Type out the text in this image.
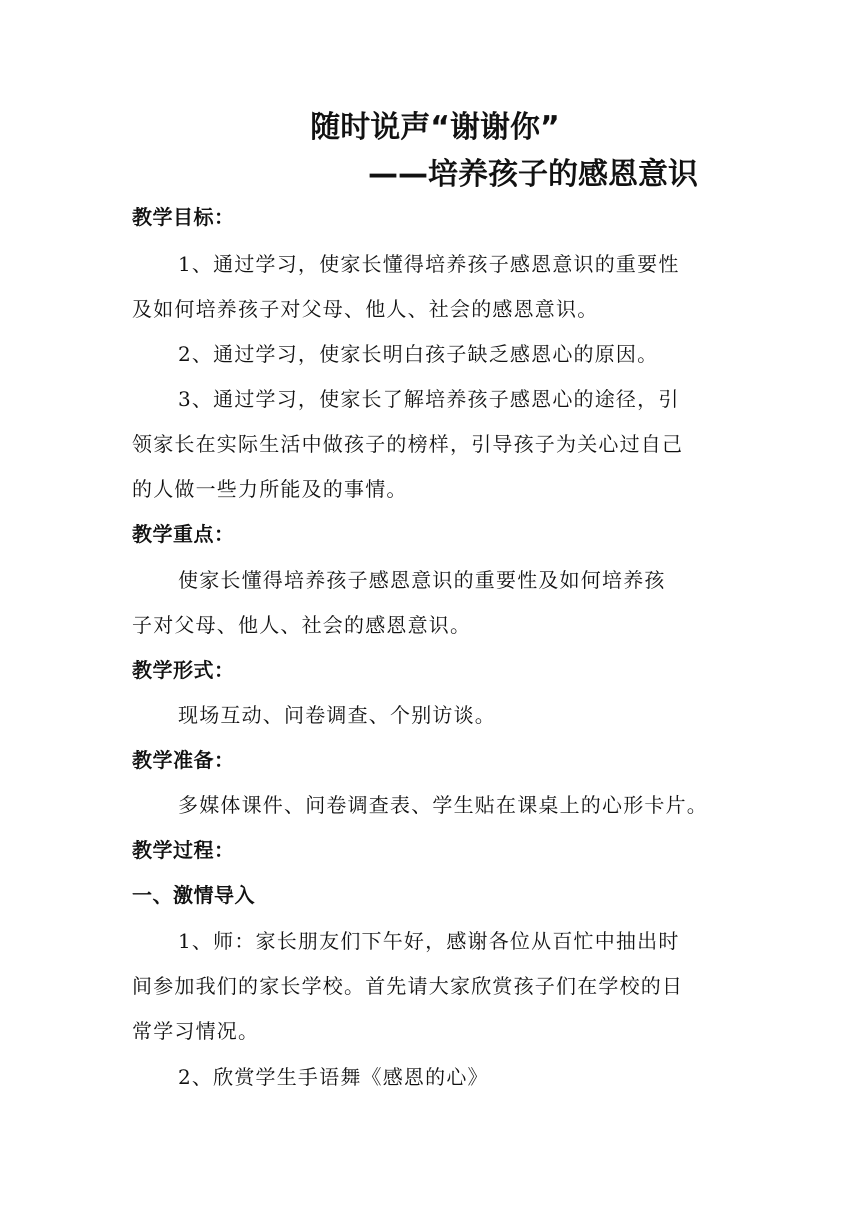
随时说声“谢谢你”
——培养孩子的感恩意识
教学目标：
1、通过学习，使家长懂得培养孩子感恩意识的重要性
及如何培养孩子对父母、他人、社会的感恩意识。
2、通过学习，使家长明白孩子缺乏感恩心的原因。
3、通过学习，使家长了解培养孩子感恩心的途径，引
领家长在实际生活中做孩子的榜样，引导孩子为关心过自己
的人做一些力所能及的事情。
教学重点：
使家长懂得培养孩子感恩意识的重要性及如何培养孩
子对父母、他人、社会的感恩意识。
教学形式：
现场互动、问卷调查、个别访谈。
教学准备：
多媒体课件、问卷调查表、学生贴在课桌上的心形卡片。
教学过程：
一、激情导入
1、师：家长朋友们下午好，感谢各位从百忙中抽出时
间参加我们的家长学校。首先请大家欣赏孩子们在学校的日
常学习情况。
2、欣赏学生手语舞《感恩的心》
